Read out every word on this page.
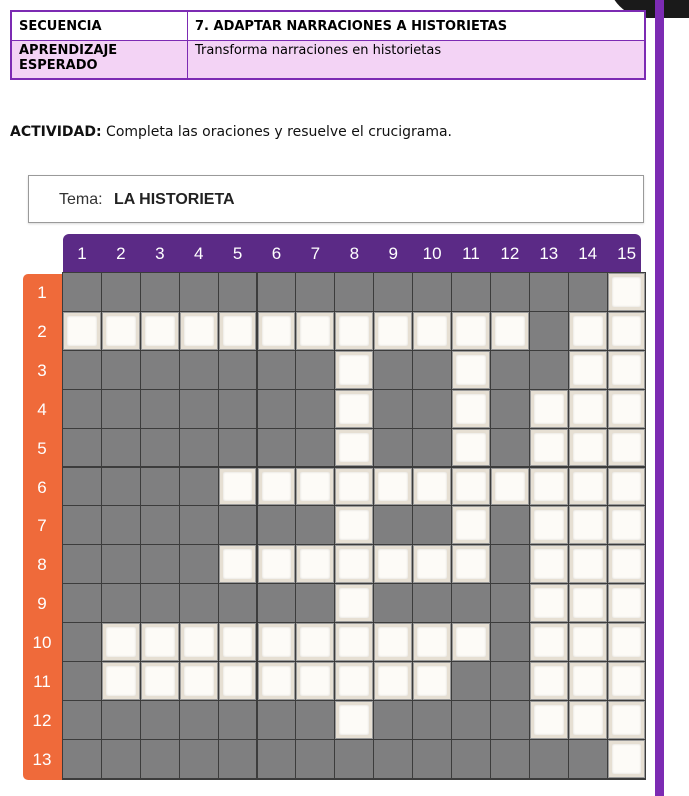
SECUENCIA	7. ADAPTAR NARRACIONES A HISTORIETAS

APRENDIZAJE
ESPERADO	Transforma narraciones en historietas
ACTIVIDAD: Completa las oraciones y resuelve el crucigrama.
Tema: LA HISTORIETA
1	2	3	4	5	6	7	8	9	10	11	12	13	14	15
1
2
3
4
5
6
7
8
9
10
11
12
13
